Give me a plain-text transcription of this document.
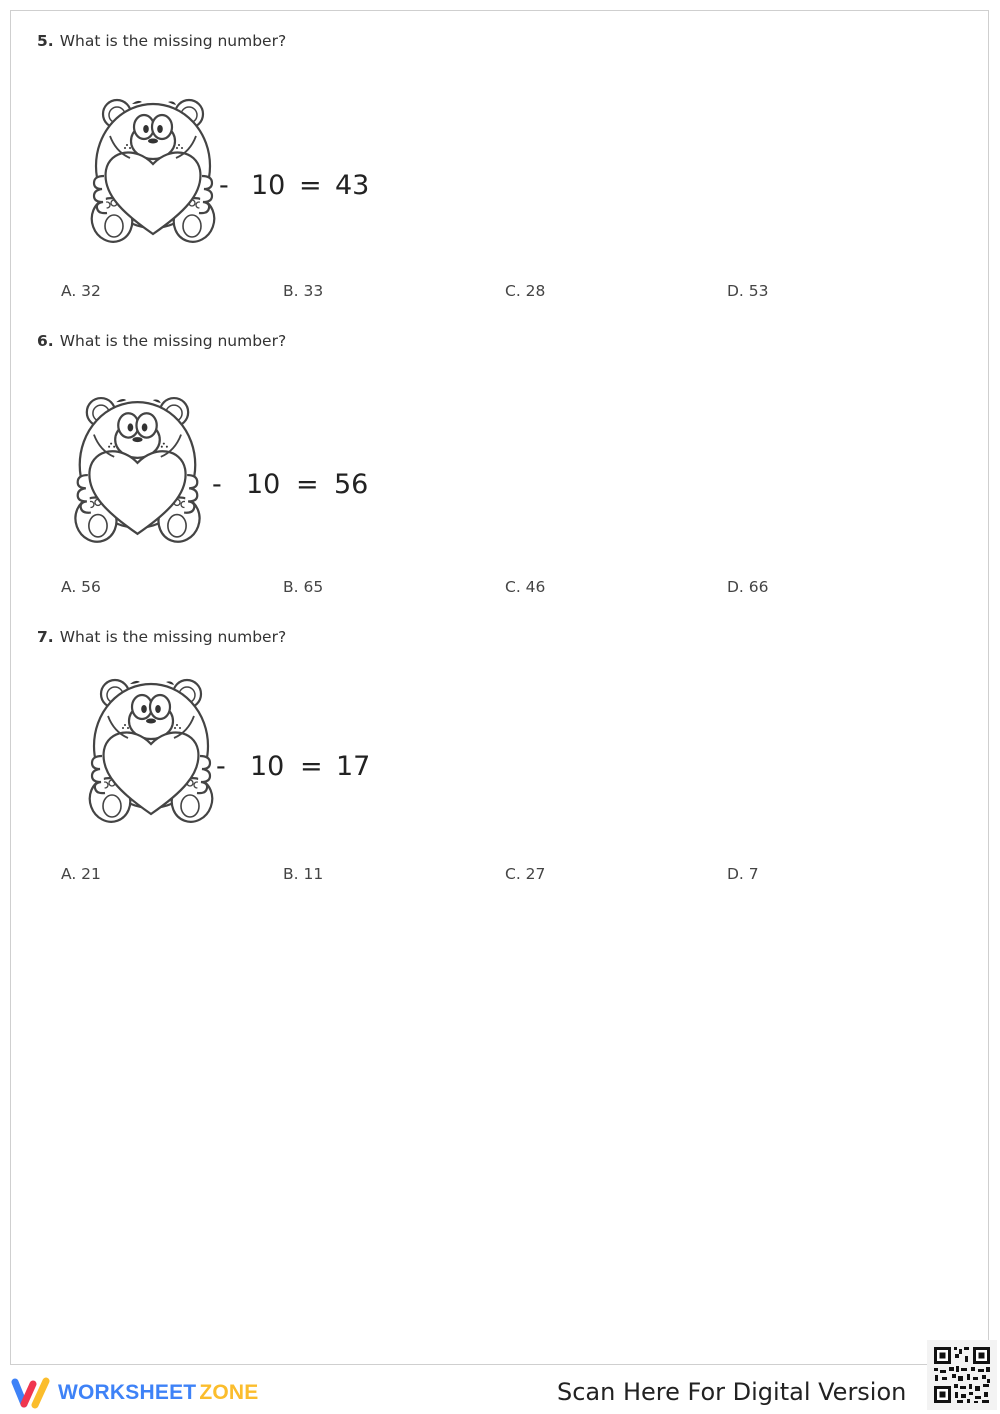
5. What is the missing number?
- 10 = 43
A. 32	B. 33	C. 28	D. 53
6. What is the missing number?
- 10 = 56
A. 56	B. 65	C. 46	D. 66
7. What is the missing number?
- 10 = 17
A. 21	B. 11	C. 27	D. 7
WORKSHEET ZONE	Scan Here For Digital Version
